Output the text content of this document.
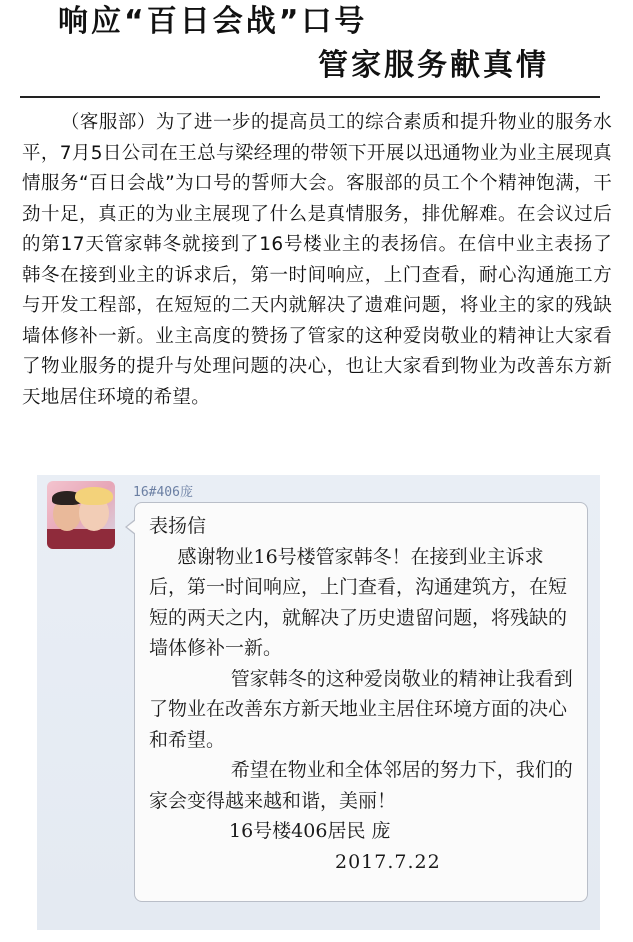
响应“百日会战”口号
管家服务献真情
（客服部）为了进一步的提高员工的综合素质和提升物业的服务水平，7月5日公司在王总与梁经理的带领下开展以迅通物业为业主展现真情服务“百日会战”为口号的誓师大会。客服部的员工个个精神饱满，干劲十足，真正的为业主展现了什么是真情服务，排优解难。在会议过后的第17天管家韩冬就接到了16号楼业主的表扬信。在信中业主表扬了韩冬在接到业主的诉求后，第一时间响应，上门查看，耐心沟通施工方与开发工程部，在短短的二天内就解决了遗难问题，将业主的家的残缺墙体修补一新。业主高度的赞扬了管家的这种爱岗敬业的精神让大家看了物业服务的提升与处理问题的决心，也让大家看到物业为改善东方新天地居住环境的希望。
16#406庞

表扬信

感谢物业16号楼管家韩冬！在接到业主诉求后，第一时间响应，上门查看，沟通建筑方，在短短的两天之内，就解决了历史遗留问题，将残缺的墙体修补一新。

管家韩冬的这种爱岗敬业的精神让我看到了物业在改善东方新天地业主居住环境方面的决心和希望。

希望在物业和全体邻居的努力下，我们的家会变得越来越和谐，美丽！

16号楼406居民 庞

2017.7.22
